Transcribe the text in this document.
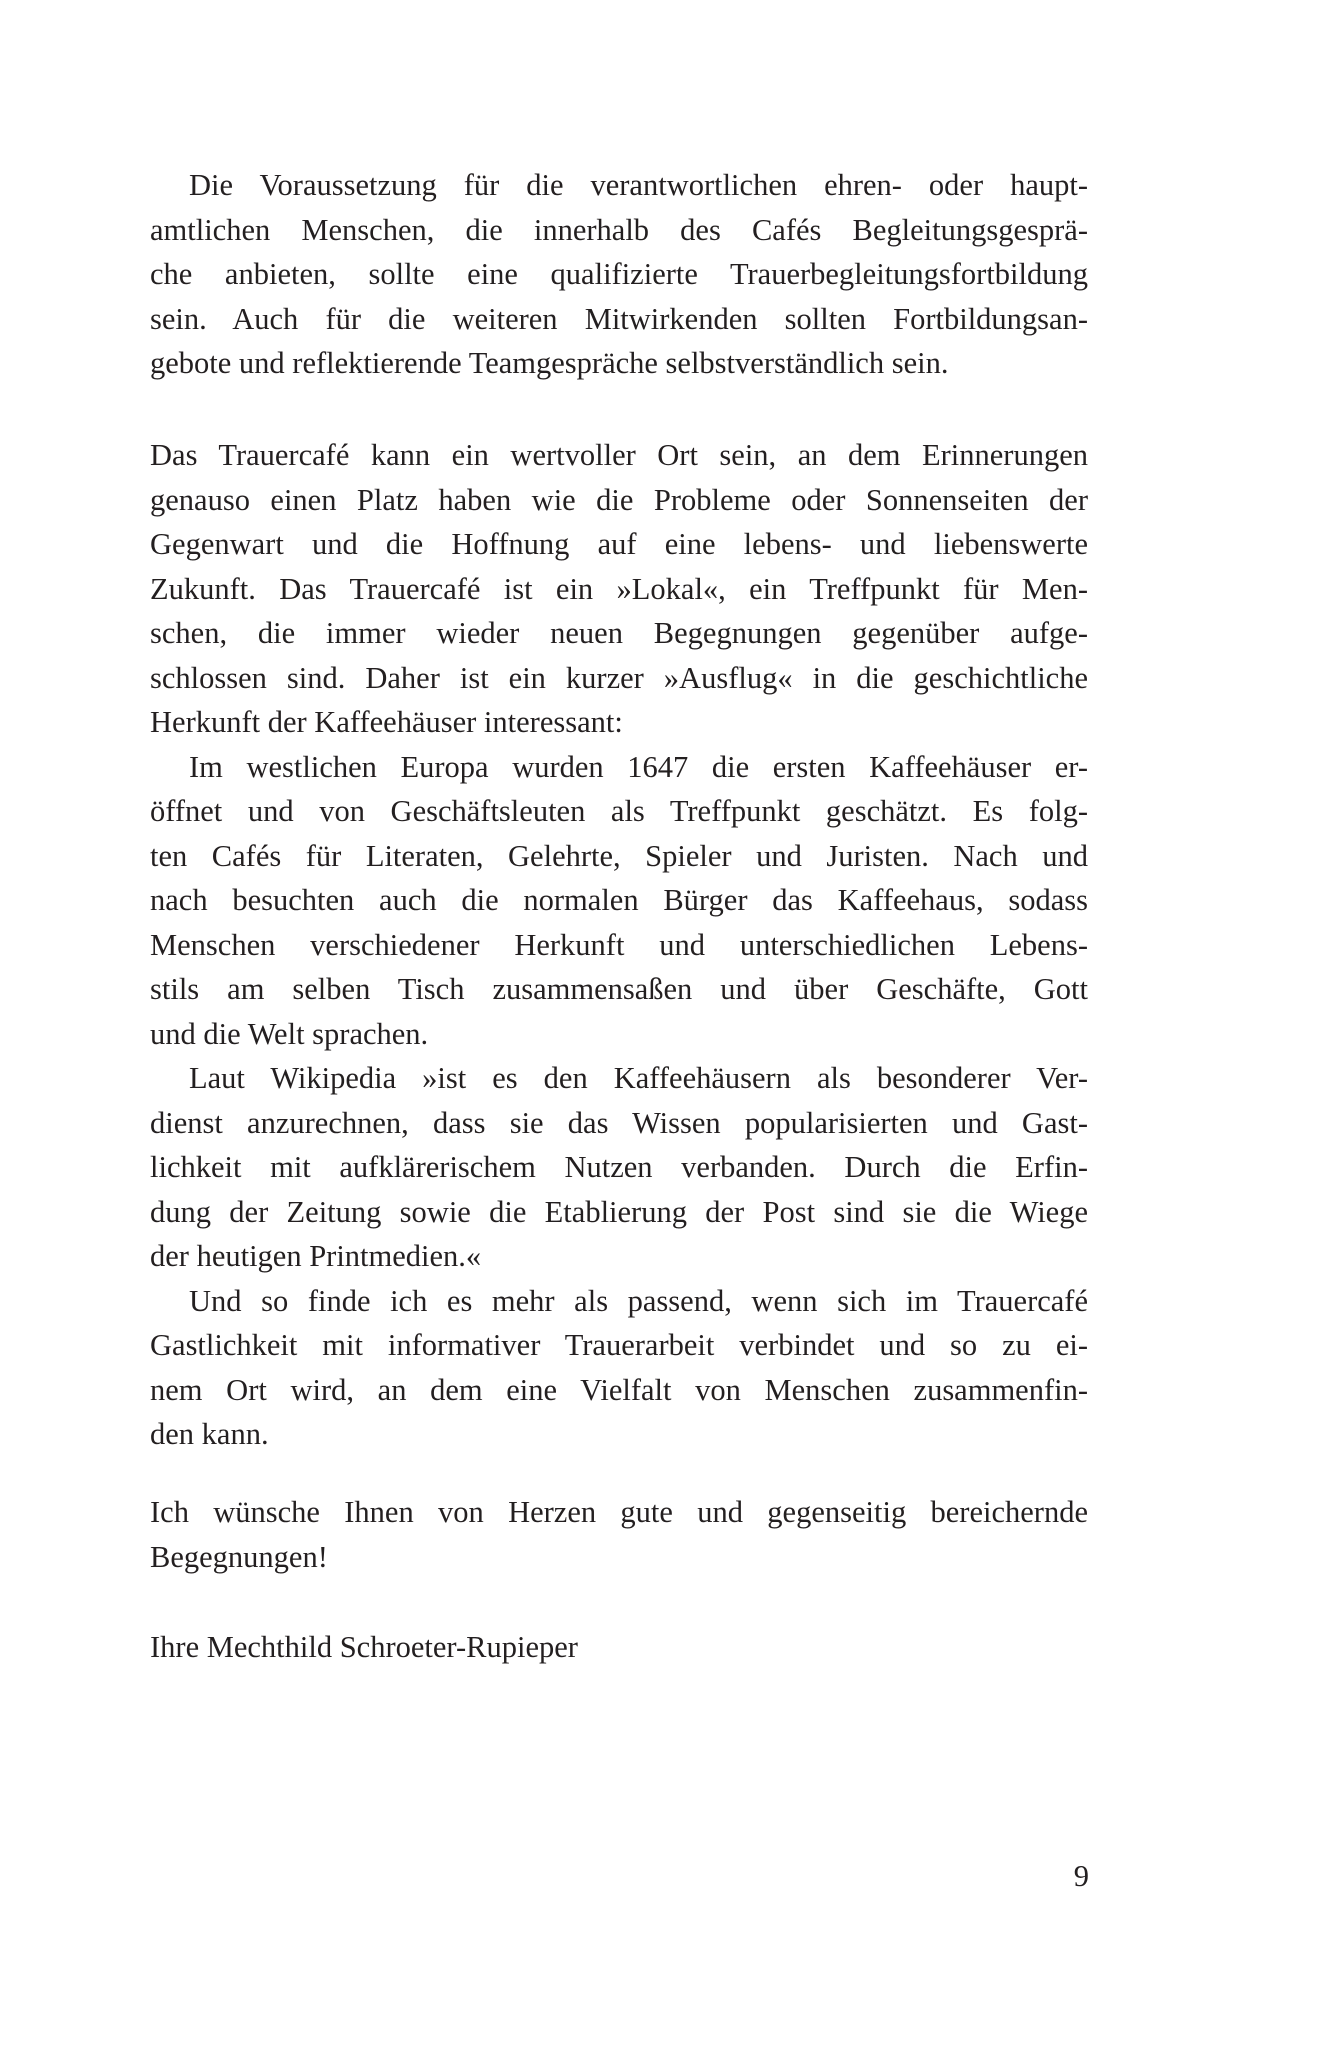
Die Voraussetzung für die verantwortlichen ehren- oder haupt-
amtlichen Menschen, die innerhalb des Cafés Begleitungsgesprä-
che anbieten, sollte eine qualifizierte Trauerbegleitungsfortbildung
sein. Auch für die weiteren Mitwirkenden sollten Fortbildungsan-
gebote und reflektierende Teamgespräche selbstverständlich sein.
Das Trauercafé kann ein wertvoller Ort sein, an dem Erinnerungen
genauso einen Platz haben wie die Probleme oder Sonnenseiten der
Gegenwart und die Hoffnung auf eine lebens- und liebenswerte
Zukunft. Das Trauercafé ist ein »Lokal«, ein Treffpunkt für Men-
schen, die immer wieder neuen Begegnungen gegenüber aufge-
schlossen sind. Daher ist ein kurzer »Ausflug« in die geschichtliche
Herkunft der Kaffeehäuser interessant:
Im westlichen Europa wurden 1647 die ersten Kaffeehäuser er-
öffnet und von Geschäftsleuten als Treffpunkt geschätzt. Es folg-
ten Cafés für Literaten, Gelehrte, Spieler und Juristen. Nach und
nach besuchten auch die normalen Bürger das Kaffeehaus, sodass
Menschen verschiedener Herkunft und unterschiedlichen Lebens-
stils am selben Tisch zusammensaßen und über Geschäfte, Gott
und die Welt sprachen.
Laut Wikipedia »ist es den Kaffeehäusern als besonderer Ver-
dienst anzurechnen, dass sie das Wissen popularisierten und Gast-
lichkeit mit aufklärerischem Nutzen verbanden. Durch die Erfin-
dung der Zeitung sowie die Etablierung der Post sind sie die Wiege
der heutigen Printmedien.«
Und so finde ich es mehr als passend, wenn sich im Trauercafé
Gastlichkeit mit informativer Trauerarbeit verbindet und so zu ei-
nem Ort wird, an dem eine Vielfalt von Menschen zusammenfin-
den kann.
Ich wünsche Ihnen von Herzen gute und gegenseitig bereichernde
Begegnungen!
Ihre Mechthild Schroeter-Rupieper
9
